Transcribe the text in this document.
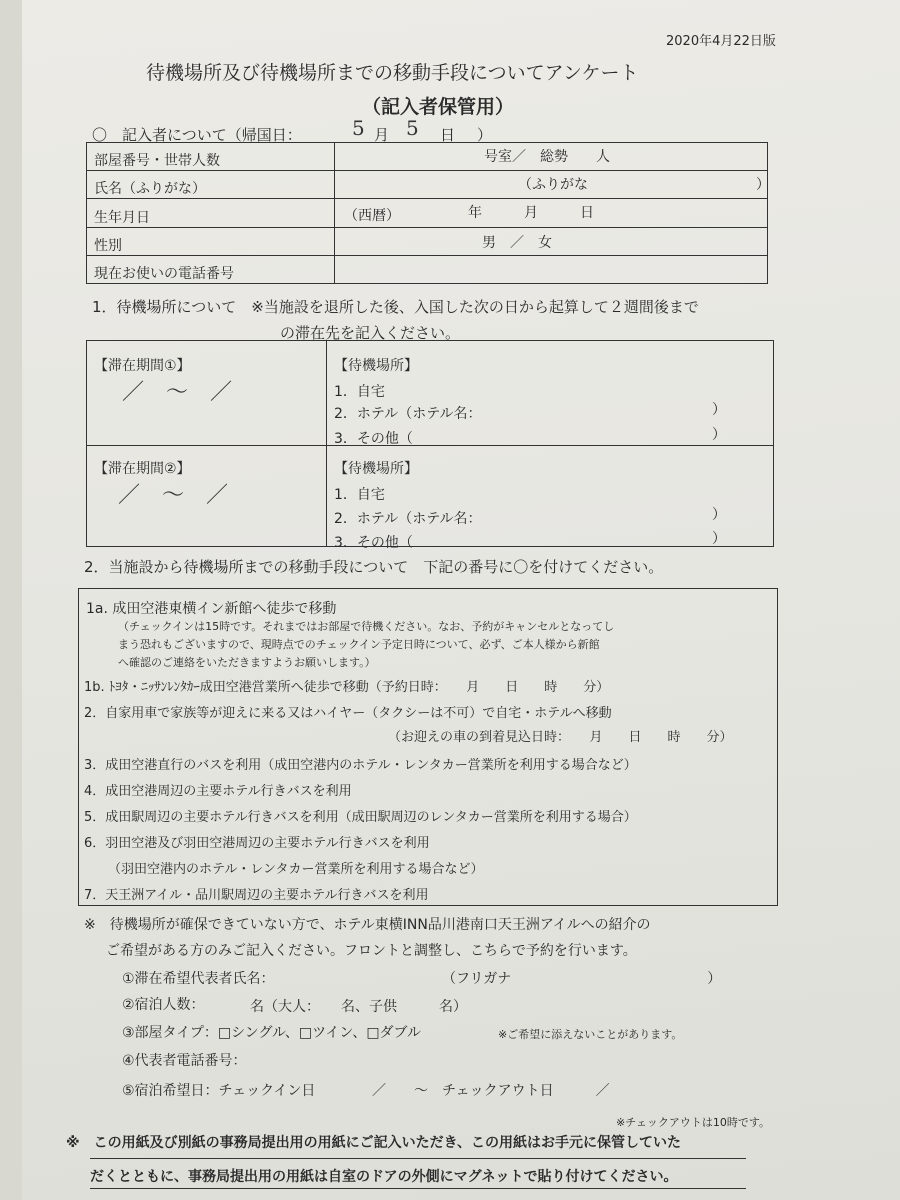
2020年4月22日版
待機場所及び待機場所までの移動手段についてアンケート
（記入者保管用）
〇　記入者について（帰国日：	5 月 5 日 ）
部屋番号・世帯人数	号室／　総勢　　人
氏名（ふりがな）	（ふりがな　　　　　　　　　　　　）
生年月日	（西暦）	年　　　月　　　日
性別	男　／　女
現在お使いの電話番号
1．待機場所について　※当施設を退所した後、入国した次の日から起算して２週間後まで
の滞在先を記入ください。
【滞在期間①】
／　～　／
【待機場所】
1．自宅
2．ホテル（ホテル名：	）
3．その他（	）
【滞在期間②】
／　～　／
【待機場所】
1．自宅
2．ホテル（ホテル名：	）
3．その他（	）
2．当施設から待機場所までの移動手段について　下記の番号に〇を付けてください。
1a. 成田空港東横イン新館へ徒歩で移動
（チェックインは15時です。それまではお部屋で待機ください。なお、予約がキャンセルとなってし
まう恐れもございますので、現時点でのチェックイン予定日時について、必ず、ご本人様から新館
へ確認のご連絡をいただきますようお願いします。）
1b. ﾄﾖﾀ・ﾆｯｻﾝﾚﾝﾀｶｰ成田空港営業所へ徒歩で移動（予約日時：　　月　　日　　時　　分）
2．自家用車で家族等が迎えに来る又はハイヤー（タクシーは不可）で自宅・ホテルへ移動
（お迎えの車の到着見込日時：　　月　　日　　時　　分）
3．成田空港直行のバスを利用（成田空港内のホテル・レンタカー営業所を利用する場合など）
4．成田空港周辺の主要ホテル行きバスを利用
5．成田駅周辺の主要ホテル行きバスを利用（成田駅周辺のレンタカー営業所を利用する場合）
6．羽田空港及び羽田空港周辺の主要ホテル行きバスを利用
（羽田空港内のホテル・レンタカー営業所を利用する場合など）
7．天王洲アイル・品川駅周辺の主要ホテル行きバスを利用
※　待機場所が確保できていない方で、ホテル東横INN品川港南口天王洲アイルへの紹介の
ご希望がある方のみご記入ください。フロントと調整し、こちらで予約を行います。
①滞在希望代表者氏名：	（フリガナ　　　　　　　　　　　　　　）
②宿泊人数：	名（大人：　　名、子供　　　名）
③部屋タイプ：□シングル、□ツイン、□ダブル	※ご希望に添えないことがあります。
④代表者電話番号：
⑤宿泊希望日：チェックイン日	／　　～　チェックアウト日　　　／
※チェックアウトは10時です。
※　この用紙及び別紙の事務局提出用の用紙にご記入いただき、この用紙はお手元に保管していた
だくとともに、事務局提出用の用紙は自室のドアの外側にマグネットで貼り付けてください。
